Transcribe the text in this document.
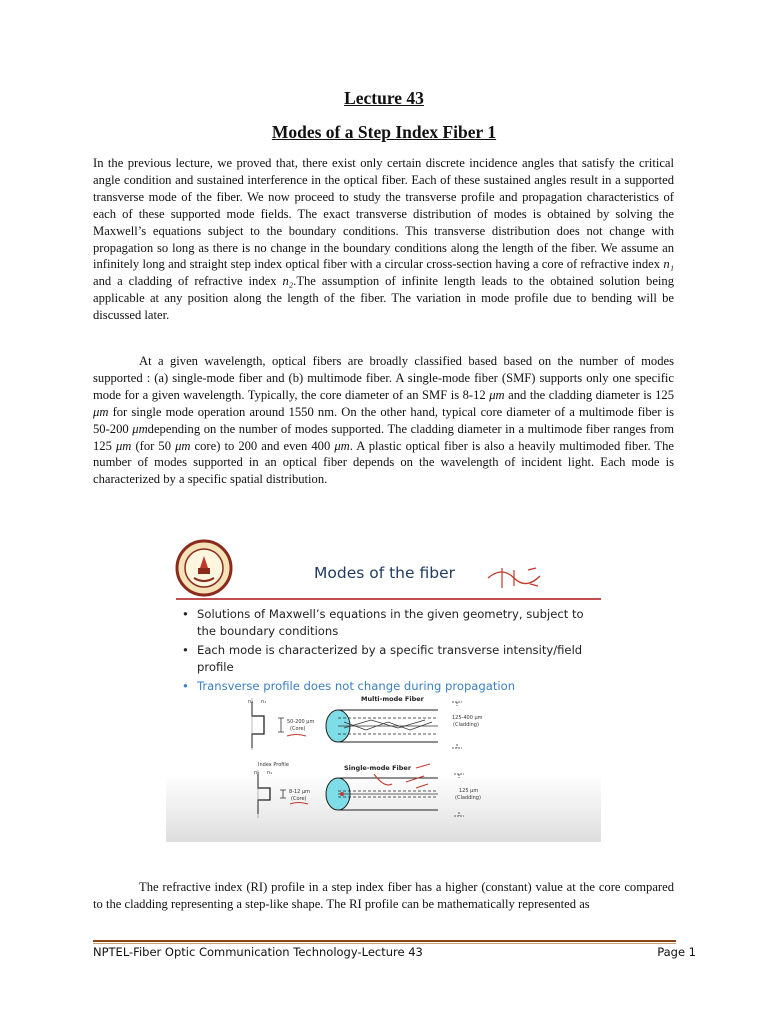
Lecture 43
Modes of a Step Index Fiber 1

In the previous lecture, we proved that, there exist only certain discrete incidence angles that satisfy the critical angle condition and sustained interference in the optical fiber. Each of these sustained angles result in a supported transverse mode of the fiber. We now proceed to study the transverse profile and propagation characteristics of each of these supported mode fields. The exact transverse distribution of modes is obtained by solving the Maxwell’s equations subject to the boundary conditions. This transverse distribution does not change with propagation so long as there is no change in the boundary conditions along the length of the fiber. We assume an infinitely long and straight step index optical fiber with a circular cross-section having a core of refractive index n₁ and a cladding of refractive index n₂.The assumption of infinite length leads to the obtained solution being applicable at any position along the length of the fiber. The variation in mode profile due to bending will be discussed later.

At a given wavelength, optical fibers are broadly classified based based on the number of modes supported : (a) single-mode fiber and (b) multimode fiber. A single-mode fiber (SMF) supports only one specific mode for a given wavelength. Typically, the core diameter of an SMF is 8-12 μm and the cladding diameter is 125 μm for single mode operation around 1550 nm. On the other hand, typical core diameter of a multimode fiber is 50-200 μmdepending on the number of modes supported. The cladding diameter in a multimode fiber ranges from 125 μm (for 50 μm core) to 200 and even 400 μm. A plastic optical fiber is also a heavily multimoded fiber. The number of modes supported in an optical fiber depends on the wavelength of incident light. Each mode is characterized by a specific spatial distribution.

Modes of the fiber

• Solutions of Maxwell’s equations in the given geometry, subject to the boundary conditions
• Each mode is characterized by a specific transverse intensity/field profile
• Transverse profile does not change during propagation
n₂ n₁
50-200 μm
(Core)
Multi-mode Fiber
125-400 μm
(Cladding)
Index Profile
n₂ n₁
8-12 μm
(Core)
Single-mode Fiber
125 μm
(Cladding)

The refractive index (RI) profile in a step index fiber has a higher (constant) value at the core compared to the cladding representing a step-like shape. The RI profile can be mathematically represented as

NPTEL-Fiber Optic Communication Technology-Lecture 43	Page 1
